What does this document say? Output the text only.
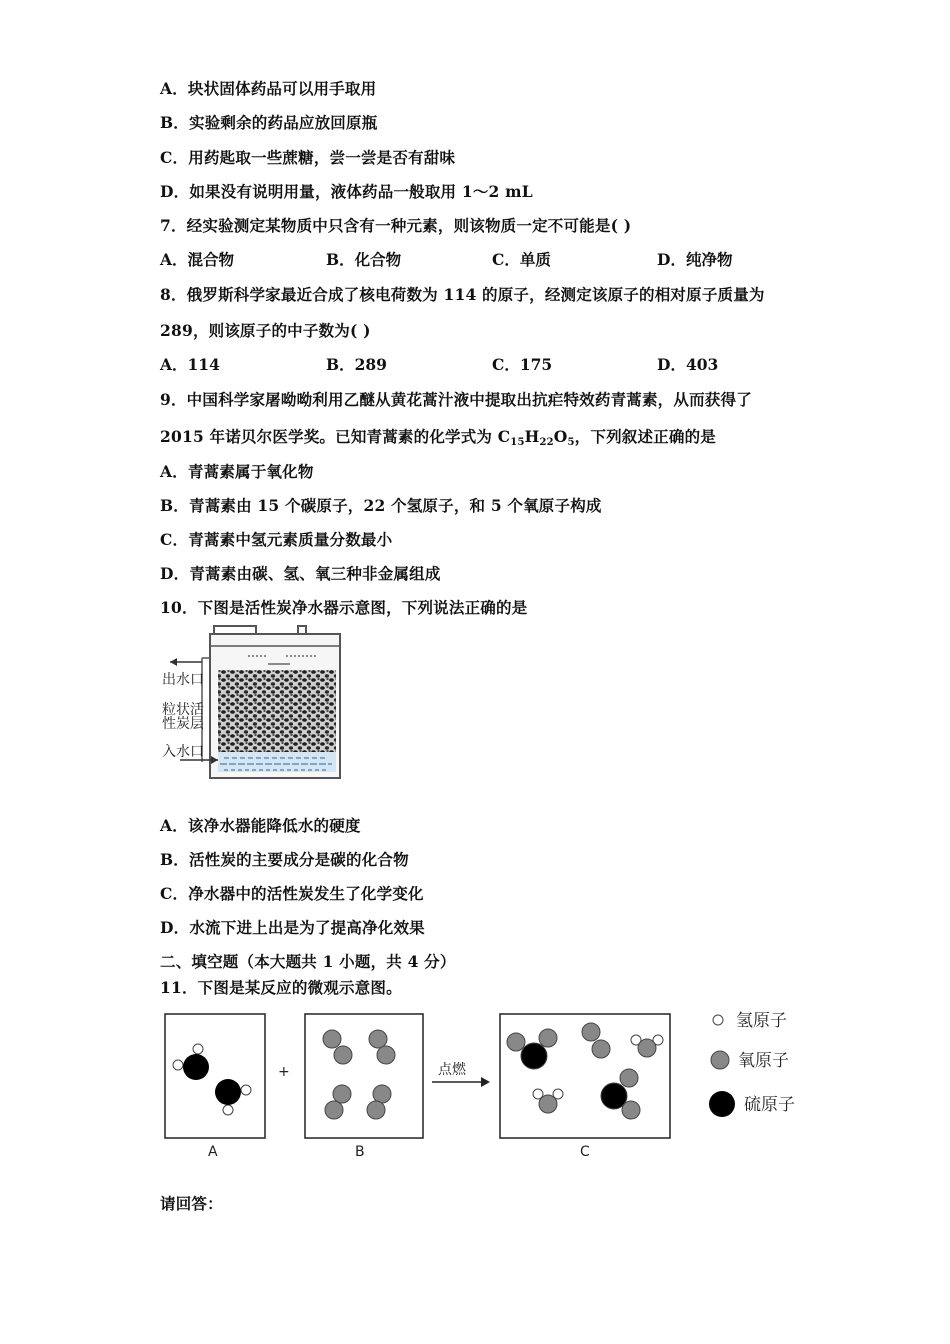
A．块状固体药品可以用手取用
B．实验剩余的药品应放回原瓶
C．用药匙取一些蔗糖，尝一尝是否有甜味
D．如果没有说明用量，液体药品一般取用 1～2 mL
7．经实验测定某物质中只含有一种元素，则该物质一定不可能是( )
A．混合物	B．化合物	C．单质	D．纯净物
8．俄罗斯科学家最近合成了核电荷数为 114 的原子，经测定该原子的相对原子质量为
289，则该原子的中子数为( )
A．114	B．289	C．175	D．403
9．中国科学家屠呦呦利用乙醚从黄花蒿汁液中提取出抗疟特效药青蒿素，从而获得了
2015 年诺贝尔医学奖。已知青蒿素的化学式为 $C_{15}H_{22}O_5$，下列叙述正确的是
A．青蒿素属于氧化物
B．青蒿素由 15 个碳原子，22 个氢原子，和 5 个氧原子构成
C．青蒿素中氢元素质量分数最小
D．青蒿素由碳、氢、氧三种非金属组成
10．下图是活性炭净水器示意图，下列说法正确的是
出水口
粒状活
性炭层
入水口
A．该净水器能降低水的硬度
B．活性炭的主要成分是碳的化合物
C．净水器中的活性炭发生了化学变化
D．水流下进上出是为了提高净化效果
二、填空题（本大题共 1 小题，共 4 分）
11．下图是某反应的微观示意图。
A
+
B
点燃
C
氢原子
氧原子
硫原子
请回答：
